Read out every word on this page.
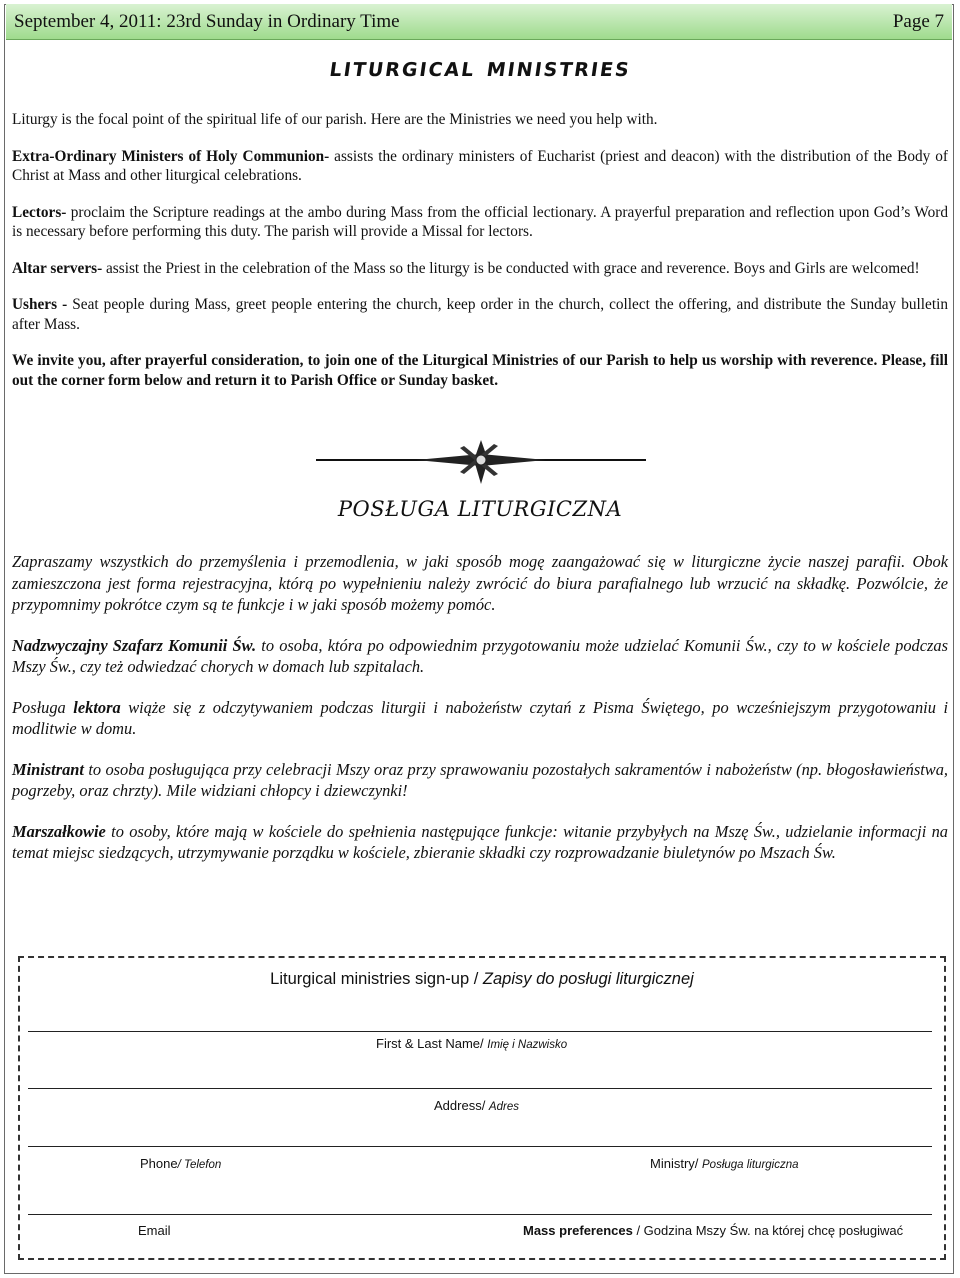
September 4, 2011: 23rd Sunday in Ordinary Time	Page 7
liturgical ministries

Liturgy is the focal point of the spiritual life of our parish. Here are the Ministries we need you help with.

Extra-Ordinary Ministers of Holy Communion- assists the ordinary ministers of Eucharist (priest and deacon) with the distribution of the Body of Christ at Mass and other liturgical celebrations.

Lectors- proclaim the Scripture readings at the ambo during Mass from the official lectionary. A prayerful preparation and reflection upon God’s Word is necessary before performing this duty. The parish will provide a Missal for lectors.

Altar servers- assist the Priest in the celebration of the Mass so the liturgy is be conducted with grace and reverence. Boys and Girls are welcomed!

Ushers - Seat people during Mass, greet people entering the church, keep order in the church, collect the offering, and distribute the Sunday bulletin after Mass.

We invite you, after prayerful consideration, to join one of the Liturgical Ministries of our Parish to help us worship with reverence. Please, fill out the corner form below and return it to Parish Office or Sunday basket.

POSŁUGA LITURGICZNA

Zapraszamy wszystkich do przemyślenia i przemodlenia, w jaki sposób mogę zaangażować się w liturgiczne życie naszej parafii. Obok zamieszczona jest forma rejestracyjna, którą po wypełnieniu należy zwrócić do biura parafialnego lub wrzucić na składkę. Pozwólcie, że przypomnimy pokrótce czym są te funkcje i w jaki sposób możemy pomóc.

Nadzwyczajny Szafarz Komunii Św. to osoba, która po odpowiednim przygotowaniu może udzielać Komunii Św., czy to w kościele podczas Mszy Św., czy też odwiedzać chorych w domach lub szpitalach.

Posługa lektora wiąże się z odczytywaniem podczas liturgii i nabożeństw czytań z Pisma Świętego, po wcześniejszym przygotowaniu i modlitwie w domu.

Ministrant to osoba posługująca przy celebracji Mszy oraz przy sprawowaniu pozostałych sakramentów i nabożeństw (np. błogosławieństwa, pogrzeby, oraz chrzty). Mile widziani chłopcy i dziewczynki!

Marszałkowie to osoby, które mają w kościele do spełnienia następujące funkcje: witanie przybyłych na Mszę Św., udzielanie informacji na temat miejsc siedzących, utrzymywanie porządku w kościele, zbieranie składki czy rozprowadzanie biuletynów po Mszach Św.

Liturgical ministries sign-up / Zapisy do posługi liturgicznej
First & Last Name/ Imię i Nazwisko
Address/ Adres
Phone/ Telefon	Ministry/ Posługa liturgiczna
Email	Mass preferences / Godzina Mszy Św. na której chcę posługiwać
